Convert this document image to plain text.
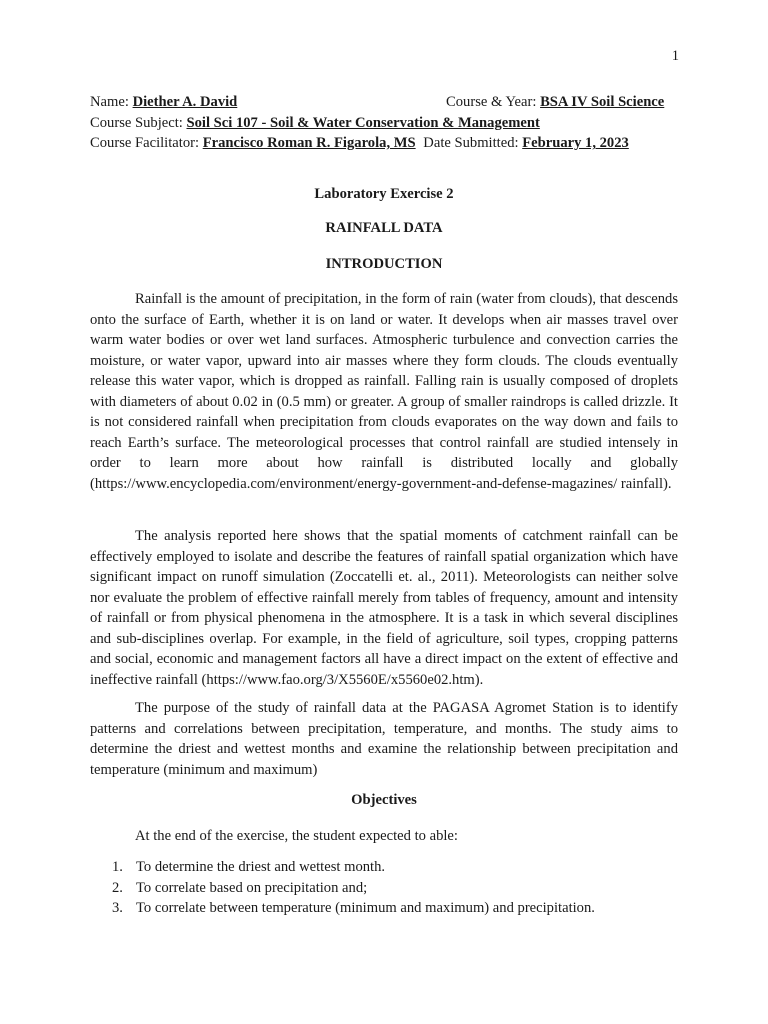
1
Name: Diether A. David	Course & Year: BSA IV Soil Science
Course Subject: Soil Sci 107 - Soil & Water Conservation & Management
Course Facilitator: Francisco Roman R. Figarola, MS Date Submitted: February 1, 2023
Laboratory Exercise 2
RAINFALL DATA
INTRODUCTION

Rainfall is the amount of precipitation, in the form of rain (water from clouds), that descends onto the surface of Earth, whether it is on land or water. It develops when air masses travel over warm water bodies or over wet land surfaces. Atmospheric turbulence and convection carries the moisture, or water vapor, upward into air masses where they form clouds. The clouds eventually release this water vapor, which is dropped as rainfall. Falling rain is usually composed of droplets with diameters of about 0.02 in (0.5 mm) or greater. A group of smaller raindrops is called drizzle. It is not considered rainfall when precipitation from clouds evaporates on the way down and fails to reach Earth’s surface. The meteorological processes that control rainfall are studied intensely in order to learn more about how rainfall is distributed locally and globally (https://www.encyclopedia.com/environment/energy-government-and-defense-magazines/ rainfall).

The analysis reported here shows that the spatial moments of catchment rainfall can be effectively employed to isolate and describe the features of rainfall spatial organization which have significant impact on runoff simulation (Zoccatelli et. al., 2011). Meteorologists can neither solve nor evaluate the problem of effective rainfall merely from tables of frequency, amount and intensity of rainfall or from physical phenomena in the atmosphere. It is a task in which several disciplines and sub-disciplines overlap. For example, in the field of agriculture, soil types, cropping patterns and social, economic and management factors all have a direct impact on the extent of effective and ineffective rainfall (https://www.fao.org/3/X5560E/x5560e02.htm).

The purpose of the study of rainfall data at the PAGASA Agromet Station is to identify patterns and correlations between precipitation, temperature, and months. The study aims to determine the driest and wettest months and examine the relationship between precipitation and temperature (minimum and maximum)

Objectives

At the end of the exercise, the student expected to able:

1. To determine the driest and wettest month.
2. To correlate based on precipitation and;
3. To correlate between temperature (minimum and maximum) and precipitation.
